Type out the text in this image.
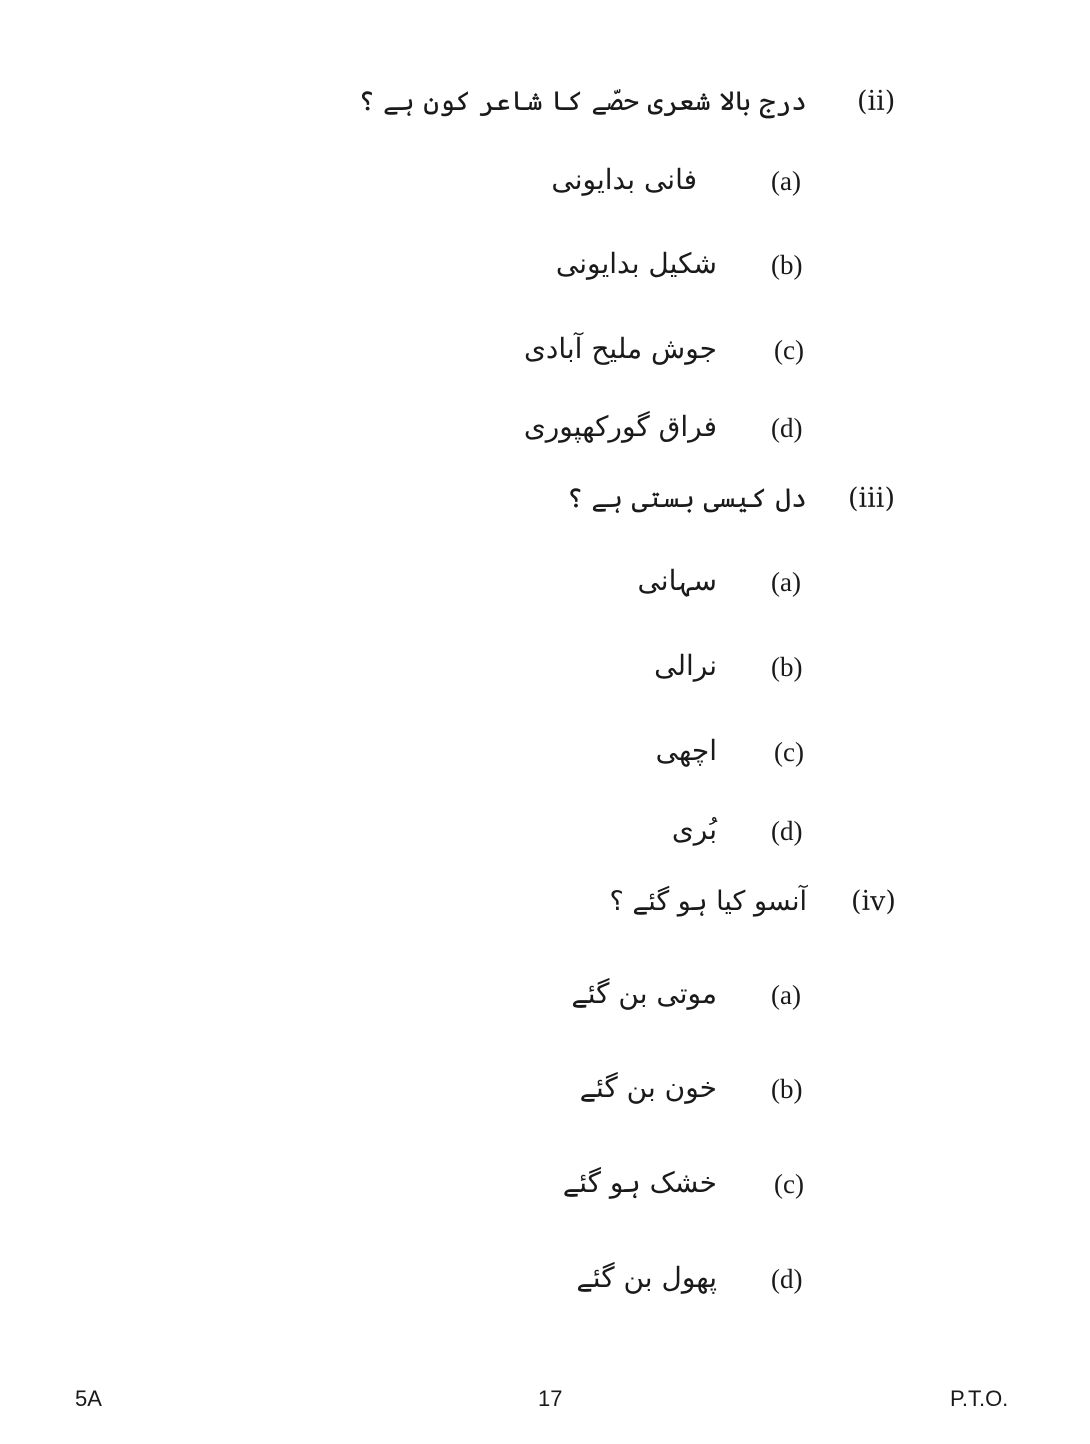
(ii)
درج بالا شعری حصّے کا شاعر کون ہے ؟
(a)
فانی بدایونی
(b)
شکیل بدایونی
(c)
جوش ملیح آبادی
(d)
فراق گورکھپوری
(iii)
دل کیسی بستی ہے ؟
(a)
سہانی
(b)
نرالی
(c)
اچھی
(d)
بُری
(iv)
آنسو کیا ہو گئے ؟
(a)
موتی بن گئے
(b)
خون بن گئے
(c)
خشک ہو گئے
(d)
پھول بن گئے
5A	17	P.T.O.
